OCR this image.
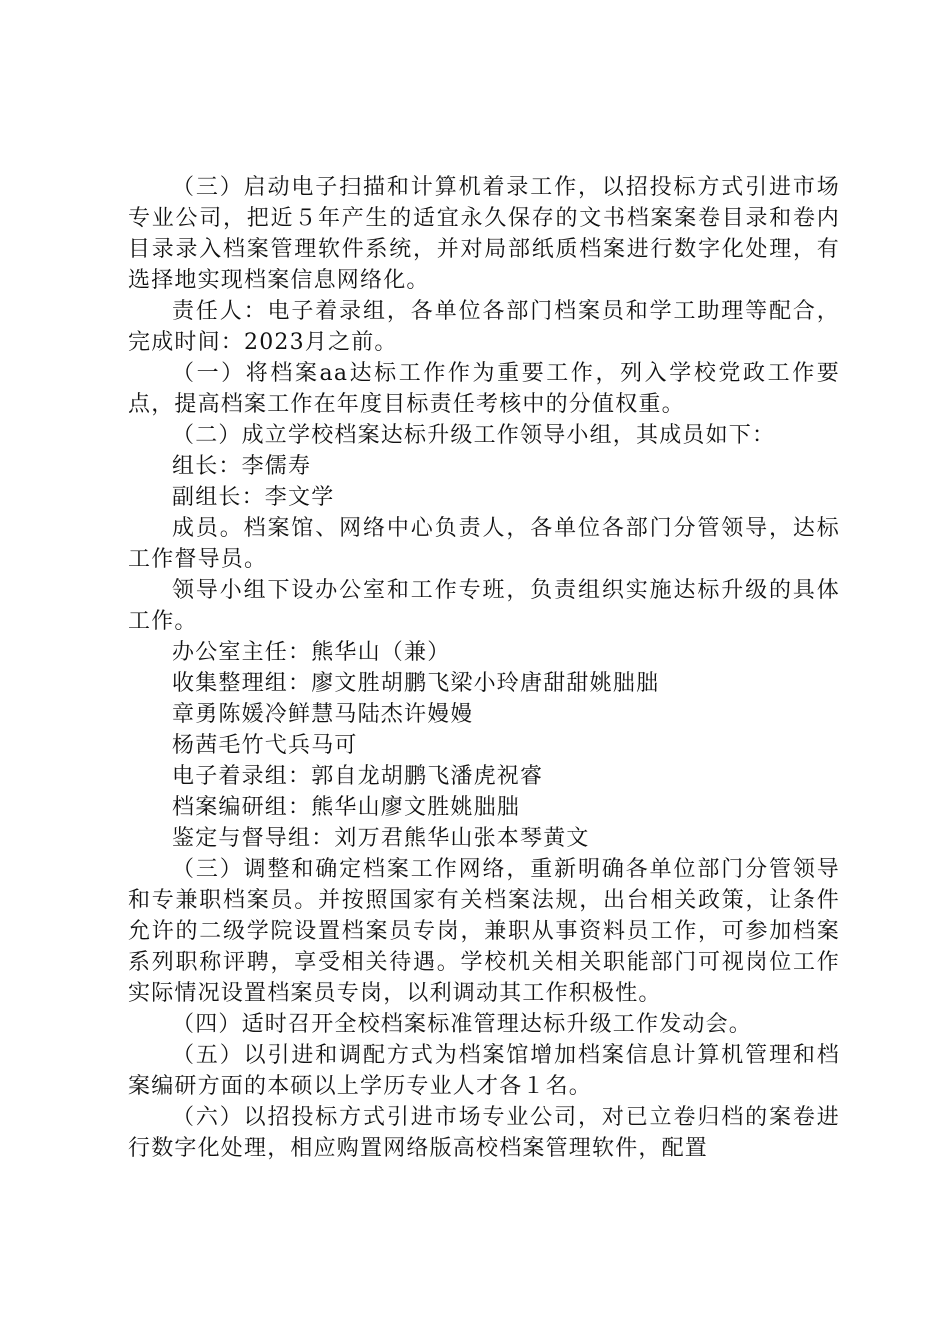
（三）启动电子扫描和计算机着录工作，以招投标方式引进市场专业公司，把近５年产生的适宜永久保存的文书档案案卷目录和卷内目录录入档案管理软件系统，并对局部纸质档案进行数字化处理，有选择地实现档案信息网络化。

责任人：电子着录组，各单位各部门档案员和学工助理等配合，完成时间：2023月之前。

（一）将档案aa达标工作作为重要工作，列入学校党政工作要点，提高档案工作在年度目标责任考核中的分值权重。

（二）成立学校档案达标升级工作领导小组，其成员如下：

组长：李儒寿

副组长：李文学

成员。档案馆、网络中心负责人，各单位各部门分管领导，达标工作督导员。

领导小组下设办公室和工作专班，负责组织实施达标升级的具体工作。

办公室主任：熊华山（兼）

收集整理组：廖文胜胡鹏飞梁小玲唐甜甜姚朏朏

章勇陈媛冷鲜慧马陆杰许嫚嫚

杨茜毛竹弋兵马可

电子着录组：郭自龙胡鹏飞潘虎祝睿

档案编研组：熊华山廖文胜姚朏朏

鉴定与督导组：刘万君熊华山张本琴黄文

（三）调整和确定档案工作网络，重新明确各单位部门分管领导和专兼职档案员。并按照国家有关档案法规，出台相关政策，让条件允许的二级学院设置档案员专岗，兼职从事资料员工作，可参加档案系列职称评聘，享受相关待遇。学校机关相关职能部门可视岗位工作实际情况设置档案员专岗，以利调动其工作积极性。

（四）适时召开全校档案标准管理达标升级工作发动会。

（五）以引进和调配方式为档案馆增加档案信息计算机管理和档案编研方面的本硕以上学历专业人才各１名。

（六）以招投标方式引进市场专业公司，对已立卷归档的案卷进行数字化处理，相应购置网络版高校档案管理软件，配置
